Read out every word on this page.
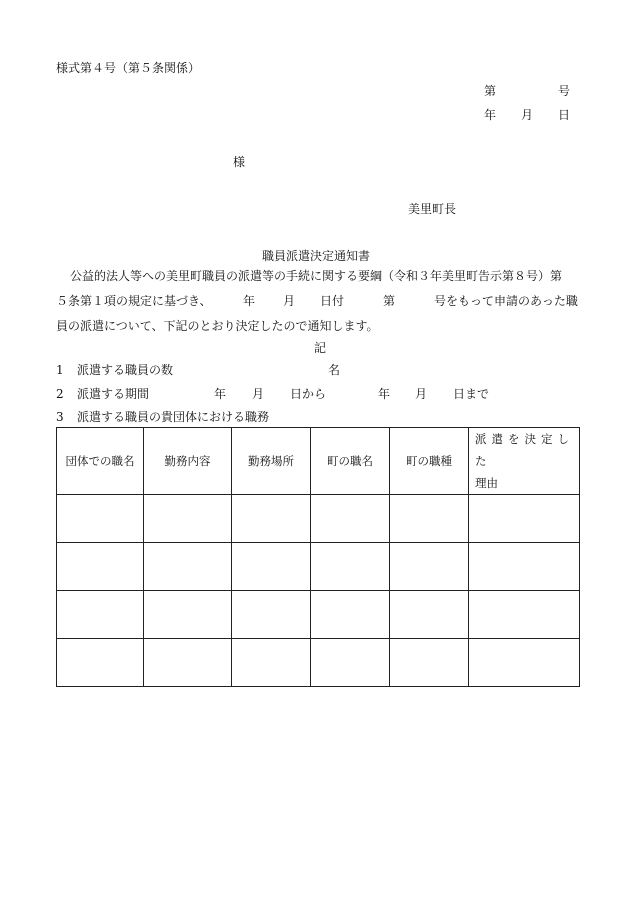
様式第４号（第５条関係）
第	号
年 月 日
様
美里町長
職員派遣決定通知書
公益的法人等への美里町職員の派遣等の手続に関する要綱（令和３年美里町告示第８号）第
５条第１項の規定に基づき、	年 月 日付	第	号をもって申請のあった職
員の派遣について、下記のとおり決定したので通知します。
記
1 派遣する職員の数	名
2 派遣する期間	年 月 日から	年 月 日まで
3 派遣する職員の貴団体における職務
団体での職名	勤務内容	勤務場所	町の職名	町の職種	派遣を決定した
理由
